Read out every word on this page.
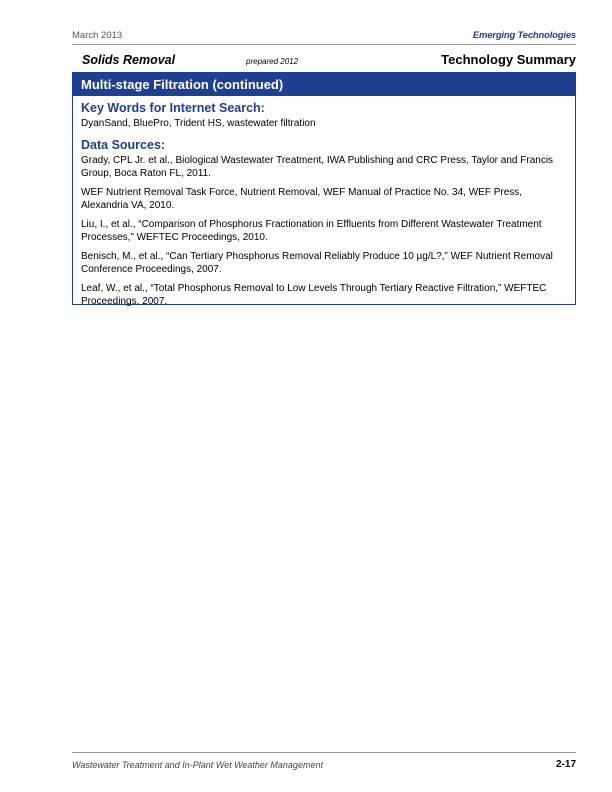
March 2013	Emerging Technologies
Solids Removal	prepared 2012	Technology Summary
Multi-stage Filtration (continued)
Key Words for Internet Search:

DyanSand, BluePro, Trident HS, wastewater filtration

Data Sources:

Grady, CPL Jr. et al., Biological Wastewater Treatment, IWA Publishing and CRC Press, Taylor and Francis Group, Boca Raton FL, 2011.

WEF Nutrient Removal Task Force, Nutrient Removal, WEF Manual of Practice No. 34, WEF Press, Alexandria VA, 2010.

Liu, I., et al., “Comparison of Phosphorus Fractionation in Effluents from Different Wastewater Treatment Processes,” WEFTEC Proceedings, 2010.

Benisch, M., et al., “Can Tertiary Phosphorus Removal Reliably Produce 10 µg/L?,” WEF Nutrient Removal Conference Proceedings, 2007.

Leaf, W., et al., “Total Phosphorus Removal to Low Levels Through Tertiary Reactive Filtration,” WEFTEC Proceedings, 2007.

Wastewater Treatment and In-Plant Wet Weather Management	2-17
